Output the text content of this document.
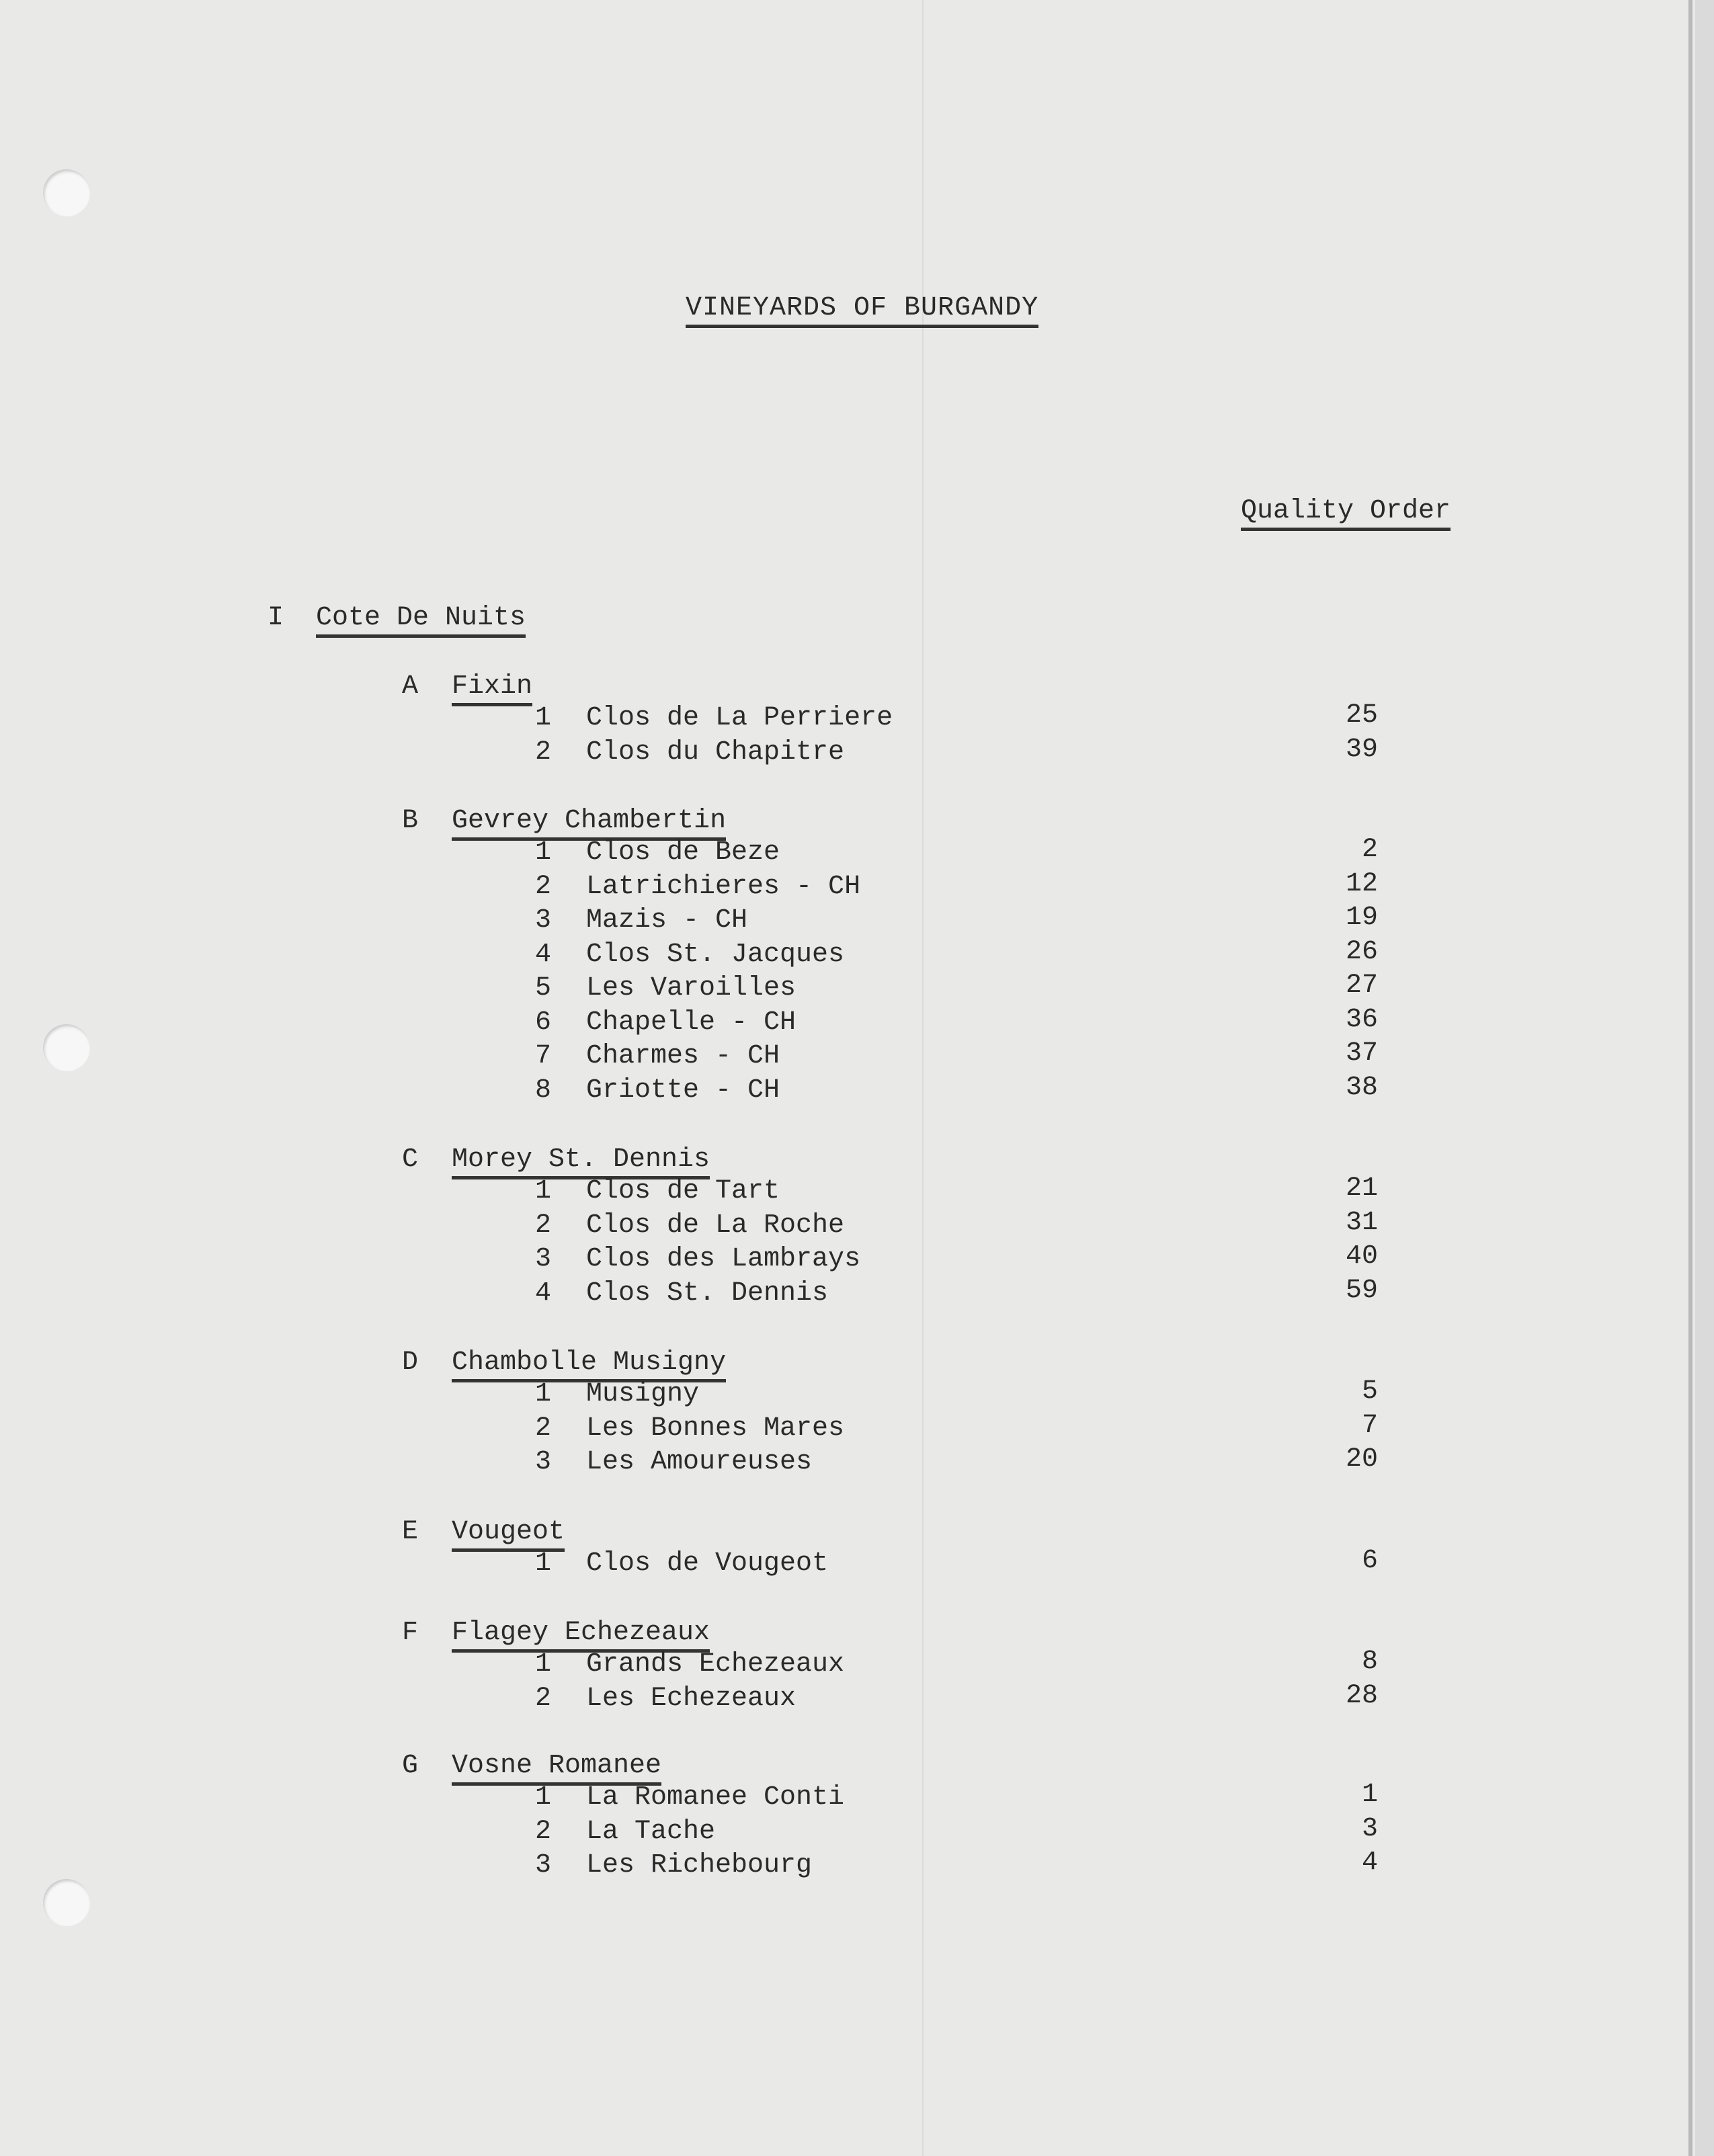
VINEYARDS OF BURGANDY
Quality Order
I Cote De Nuits
A Fixin
1 Clos de La Perriere	25
2 Clos du Chapitre	39
B Gevrey Chambertin
1 Clos de Beze	2
2 Latrichieres - CH	12
3 Mazis - CH	19
4 Clos St. Jacques	26
5 Les Varoilles	27
6 Chapelle - CH	36
7 Charmes - CH	37
8 Griotte - CH	38
C Morey St. Dennis
1 Clos de Tart	21
2 Clos de La Roche	31
3 Clos des Lambrays	40
4 Clos St. Dennis	59
D Chambolle Musigny
1 Musigny	5
2 Les Bonnes Mares	7
3 Les Amoureuses	20
E Vougeot
1 Clos de Vougeot	6
F Flagey Echezeaux
1 Grands Echezeaux	8
2 Les Echezeaux	28
G Vosne Romanee
1 La Romanee Conti	1
2 La Tache	3
3 Les Richebourg	4
